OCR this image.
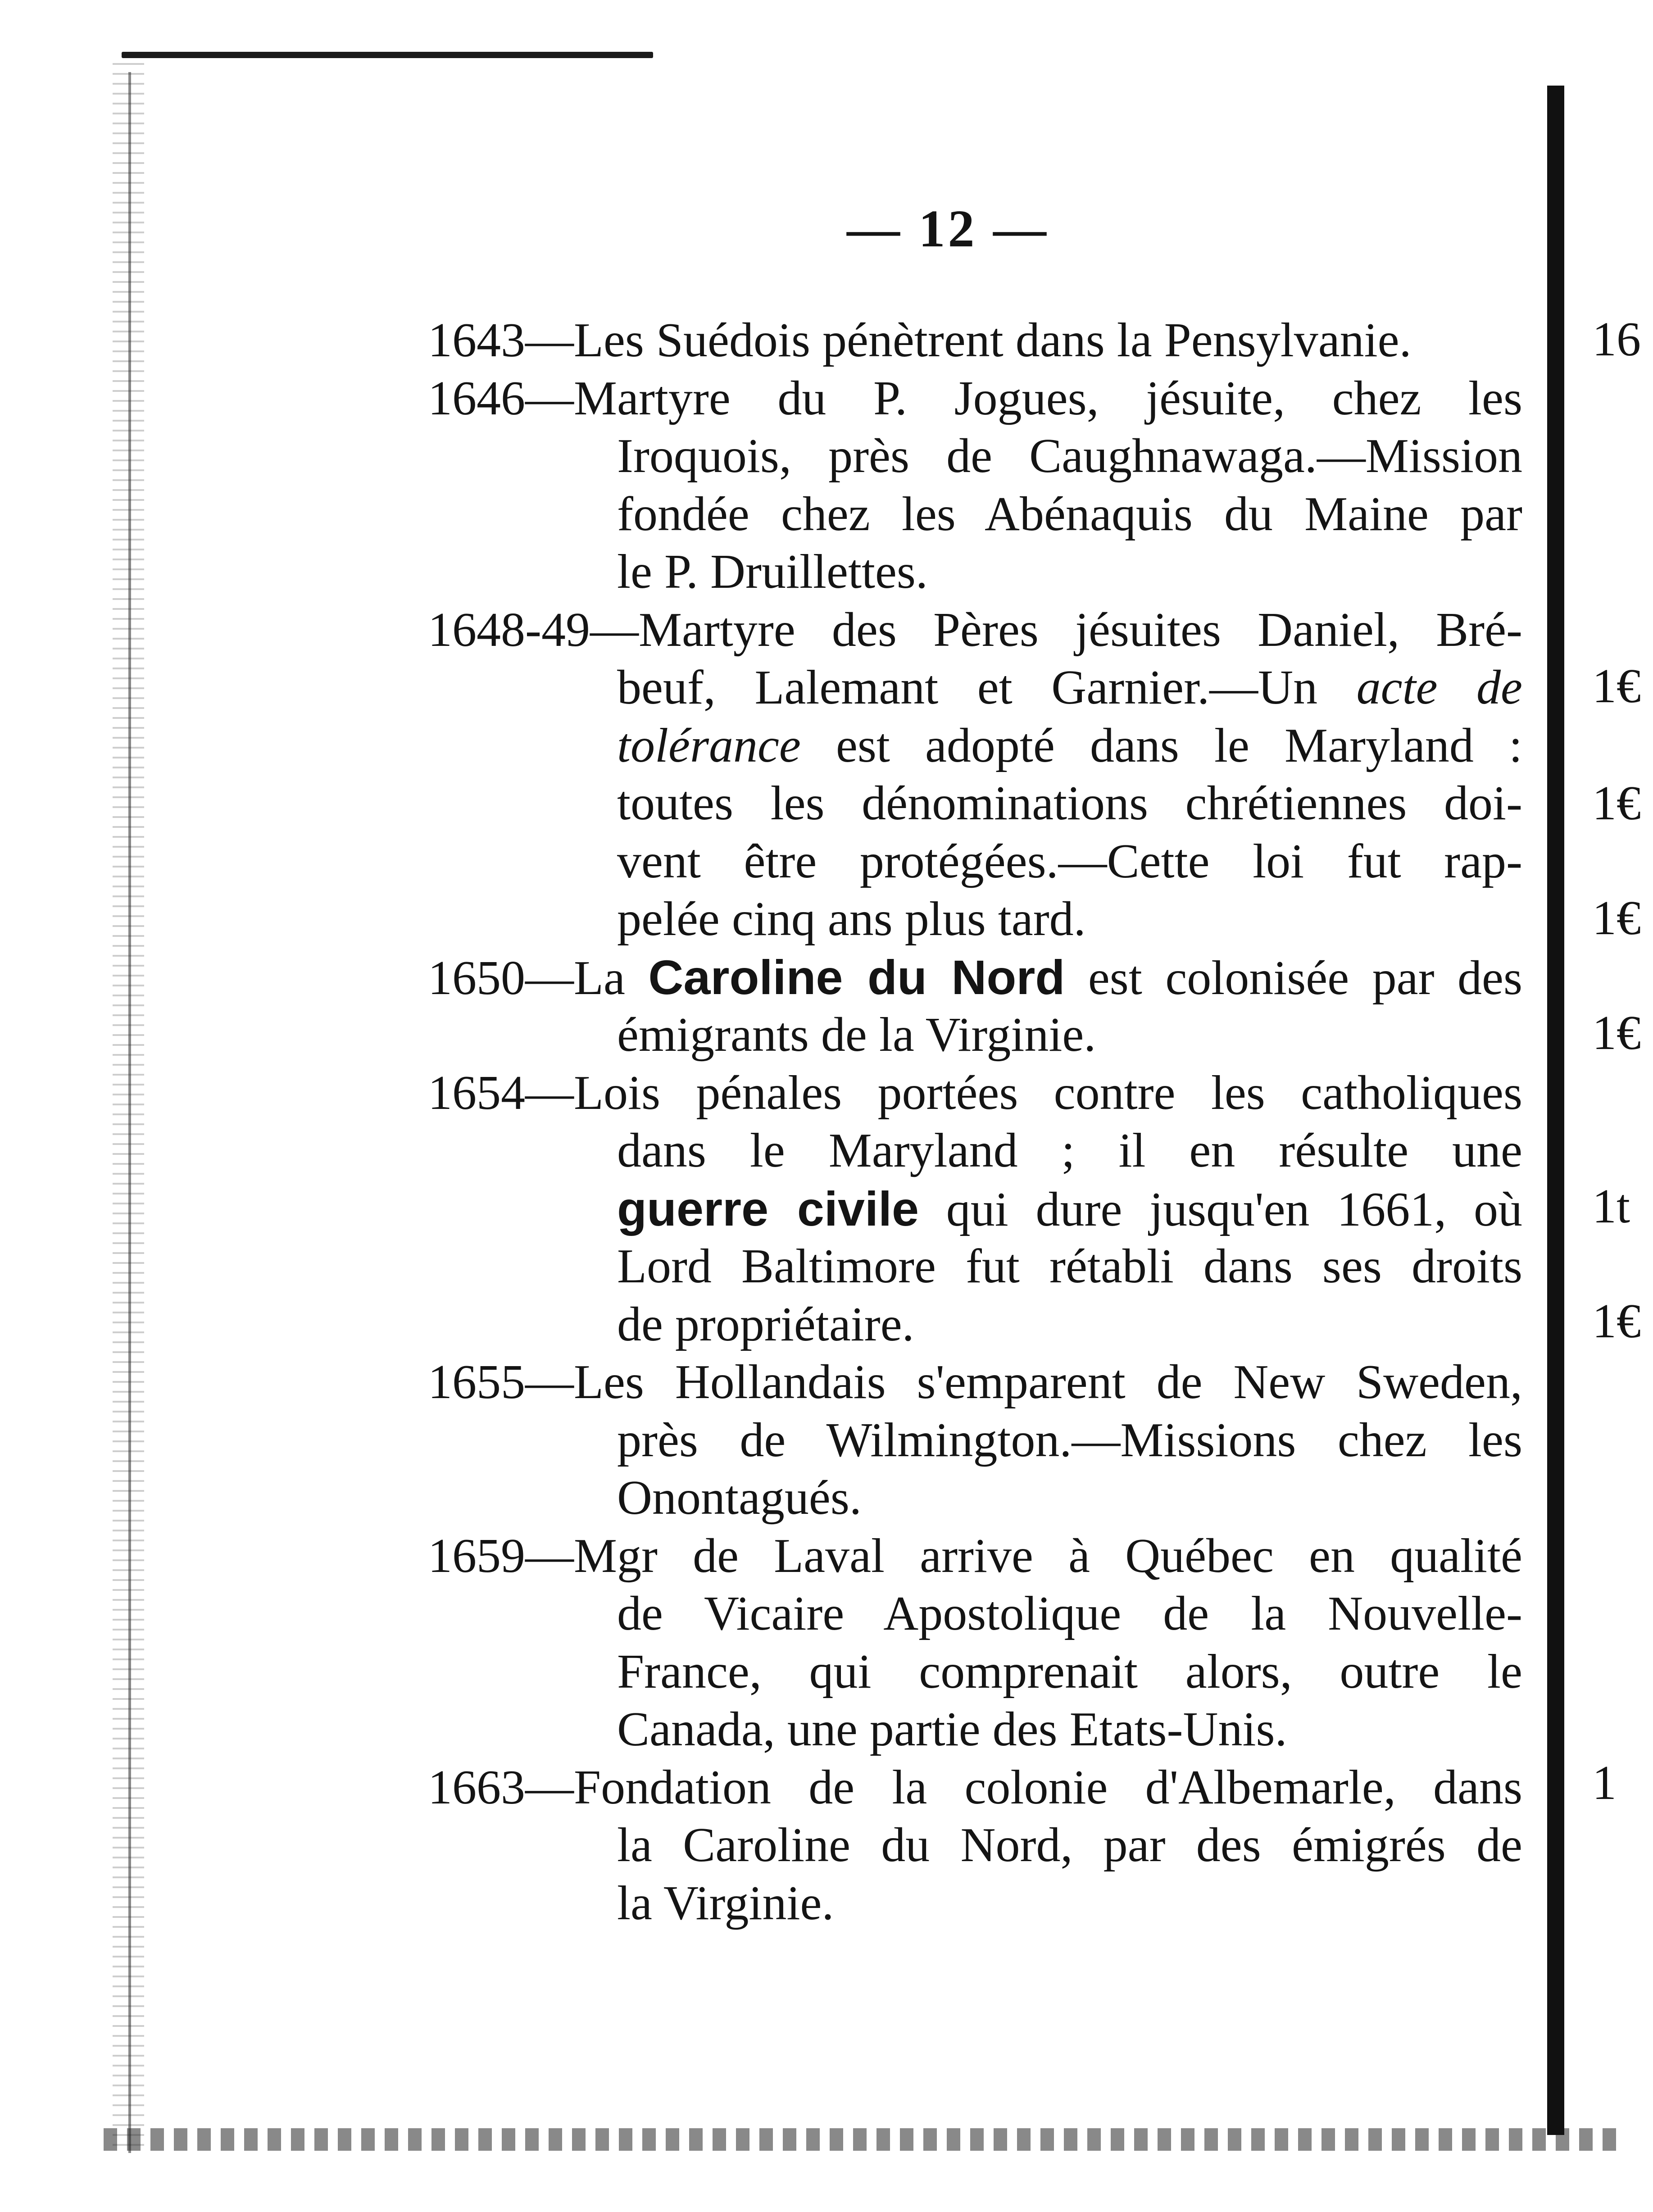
— 12 —
1643—Les Suédois pénètrent dans la Pensylvanie.
1646—Martyre du P. Jogues, jésuite, chez les
Iroquois, près de Caughnawaga.—Mission
fondée chez les Abénaquis du Maine par
le P. Druillettes.
1648-49—Martyre des Pères jésuites Daniel, Bré-
beuf, Lalemant et Garnier.—Un acte de
tolérance est adopté dans le Maryland :
toutes les dénominations chrétiennes doi-
vent être protégées.—Cette loi fut rap-
pelée cinq ans plus tard.
1650—La Caroline du Nord est colonisée par des
émigrants de la Virginie.
1654—Lois pénales portées contre les catholiques
dans le Maryland ; il en résulte une
guerre civile qui dure jusqu'en 1661, où
Lord Baltimore fut rétabli dans ses droits
de propriétaire.
1655—Les Hollandais s'emparent de New Sweden,
près de Wilmington.—Missions chez les
Onontagués.
1659—Mgr de Laval arrive à Québec en qualité
de Vicaire Apostolique de la Nouvelle-
France, qui comprenait alors, outre le
Canada, une partie des Etats-Unis.
1663—Fondation de la colonie d'Albemarle, dans
la Caroline du Nord, par des émigrés de
la Virginie.
16
1€
1€
1€
1€
1t
1€
1
